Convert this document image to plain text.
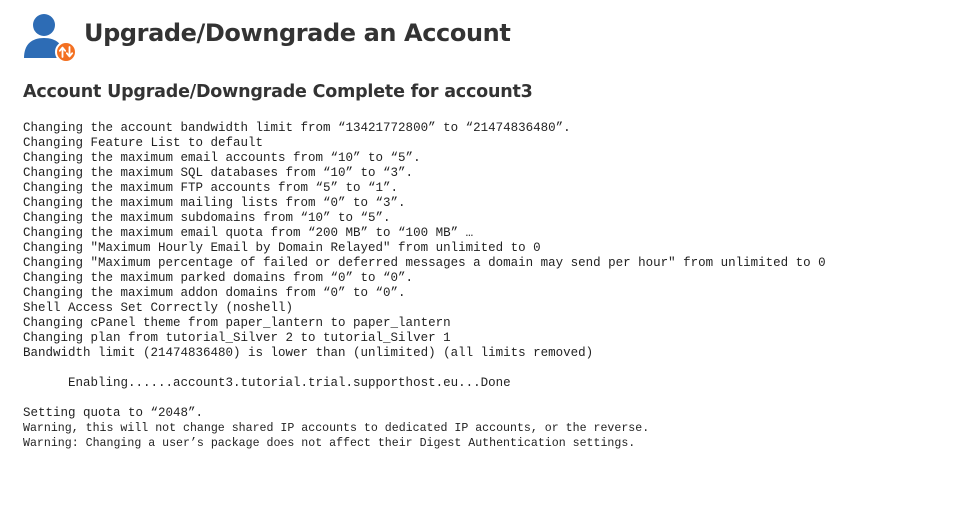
Upgrade/Downgrade an Account
Account Upgrade/Downgrade Complete for account3
Changing the account bandwidth limit from “13421772800” to “21474836480”.
Changing Feature List to default
Changing the maximum email accounts from “10” to “5”.
Changing the maximum SQL databases from “10” to “3”.
Changing the maximum FTP accounts from “5” to “1”.
Changing the maximum mailing lists from “0” to “3”.
Changing the maximum subdomains from “10” to “5”.
Changing the maximum email quota from “200 MB” to “100 MB” …
Changing "Maximum Hourly Email by Domain Relayed" from unlimited to 0
Changing "Maximum percentage of failed or deferred messages a domain may send per hour" from unlimited to 0
Changing the maximum parked domains from “0” to “0”.
Changing the maximum addon domains from “0” to “0”.
Shell Access Set Correctly (noshell)
Changing cPanel theme from paper_lantern to paper_lantern
Changing plan from tutorial_Silver 2 to tutorial_Silver 1
Bandwidth limit (21474836480) is lower than (unlimited) (all limits removed)
Enabling......account3.tutorial.trial.supporthost.eu...Done
Setting quota to “2048”.
Warning, this will not change shared IP accounts to dedicated IP accounts, or the reverse.
Warning: Changing a user’s package does not affect their Digest Authentication settings.
